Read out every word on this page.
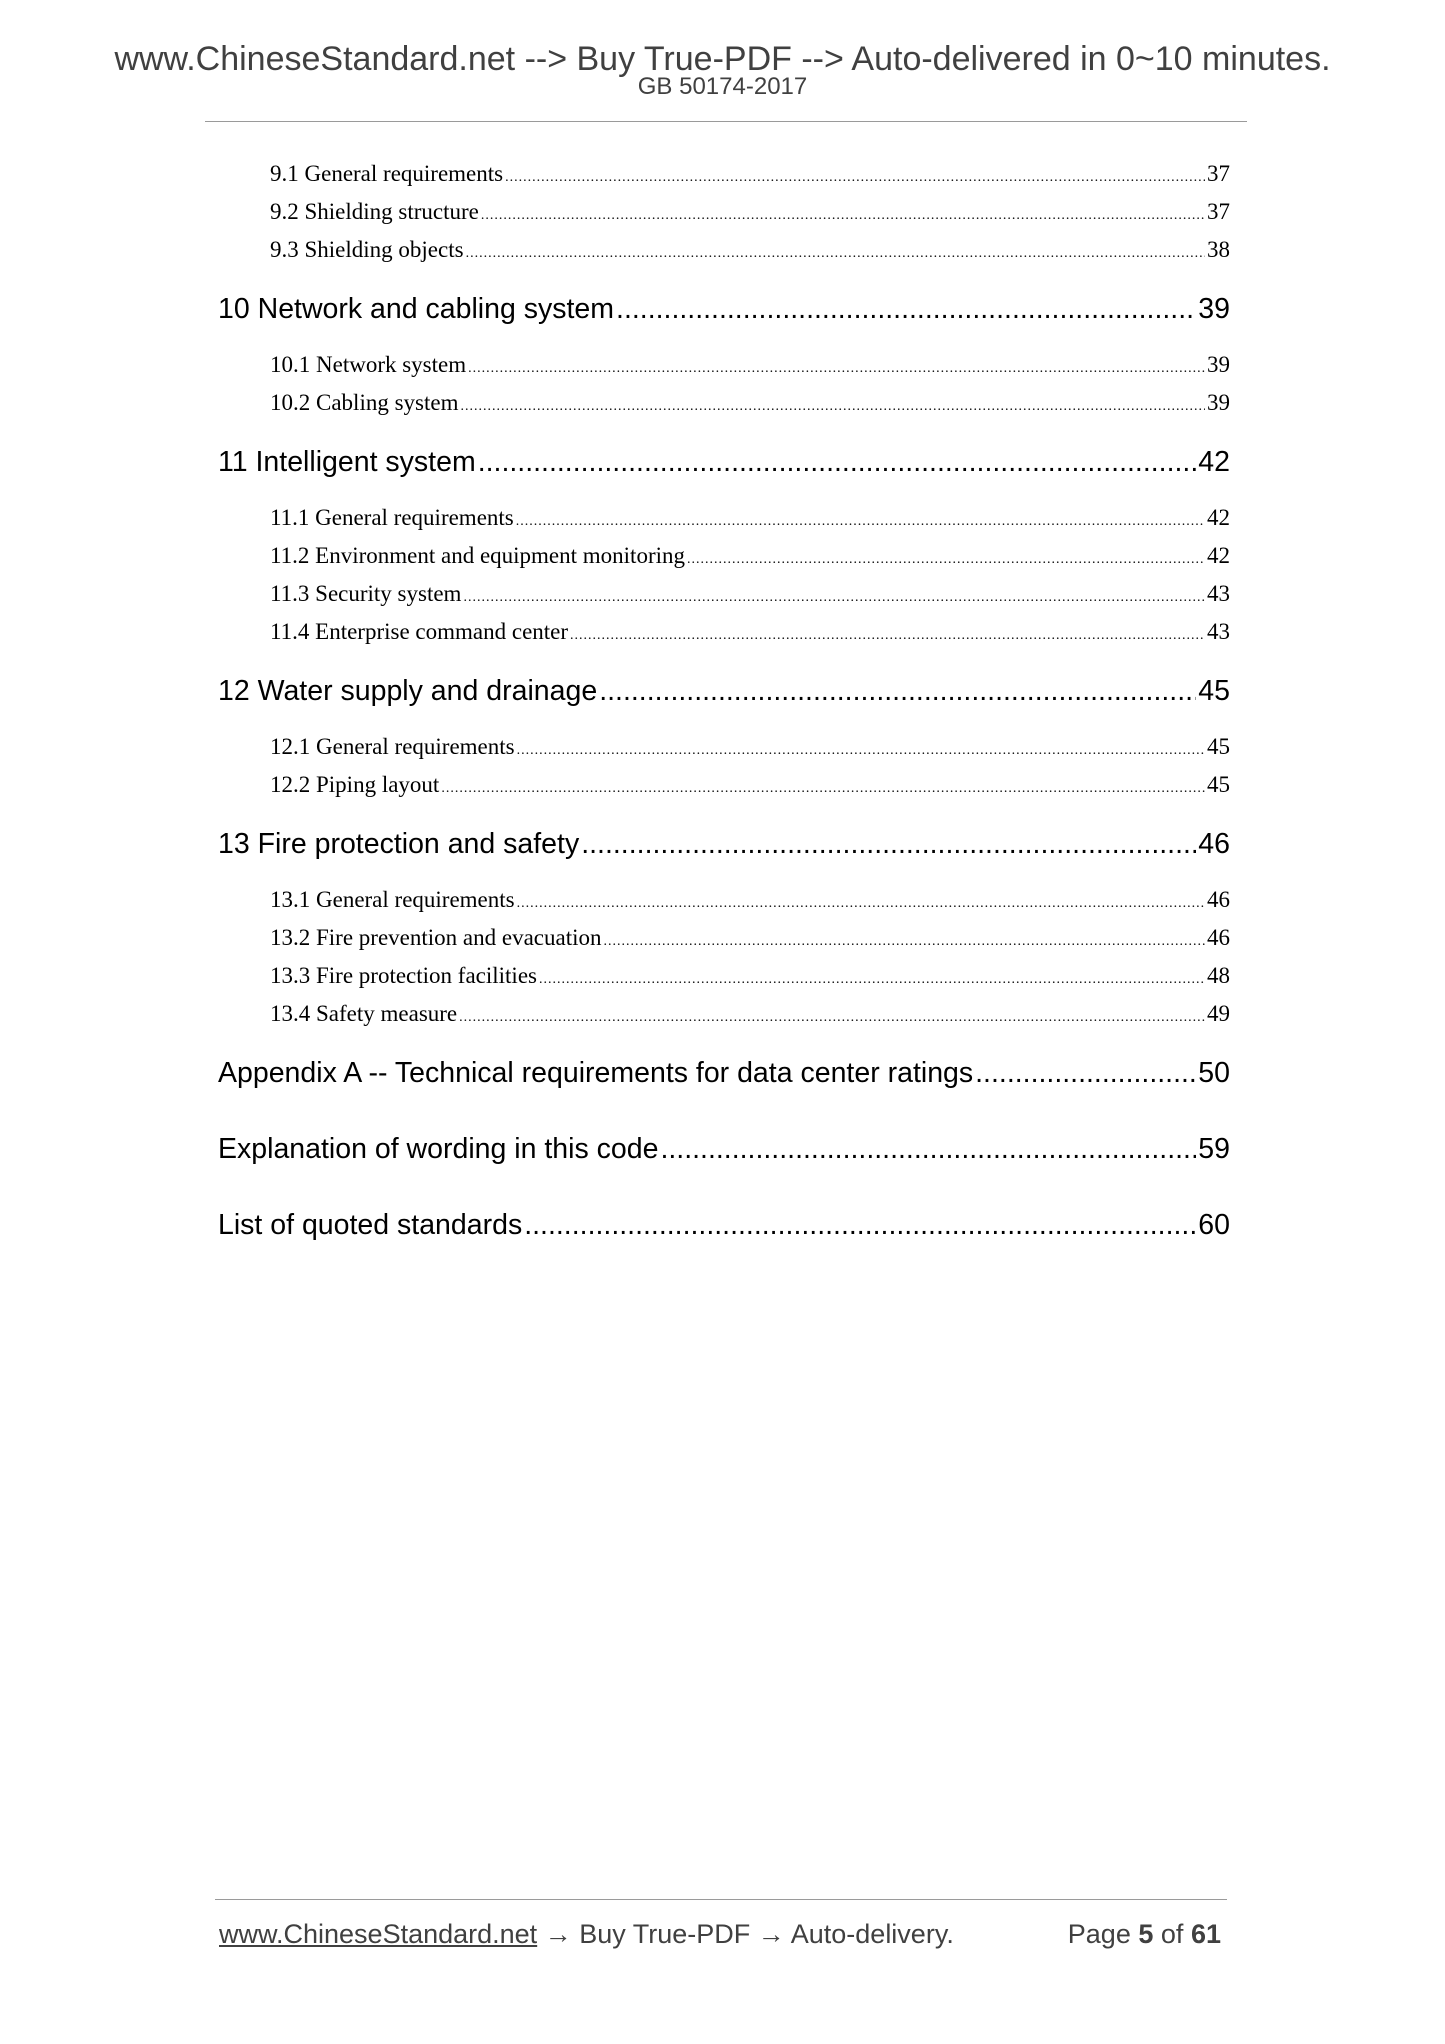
www.ChineseStandard.net --> Buy True-PDF --> Auto-delivered in 0~10 minutes.
GB 50174-2017
9.1 General requirements .....	37
9.2 Shielding structure .....	37
9.3 Shielding objects .....	38
10 Network and cabling system .....	39
10.1 Network system .....	39
10.2 Cabling system .....	39
11 Intelligent system .....	42
11.1 General requirements .....	42
11.2 Environment and equipment monitoring .....	42
11.3 Security system .....	43
11.4 Enterprise command center .....	43
12 Water supply and drainage .....	45
12.1 General requirements .....	45
12.2 Piping layout .....	45
13 Fire protection and safety .....	46
13.1 General requirements .....	46
13.2 Fire prevention and evacuation .....	46
13.3 Fire protection facilities .....	48
13.4 Safety measure .....	49
Appendix A -- Technical requirements for data center ratings .....	50
Explanation of wording in this code .....	59
List of quoted standards .....	60
www.ChineseStandard.net → Buy True-PDF → Auto-delivery.	Page 5 of 61
